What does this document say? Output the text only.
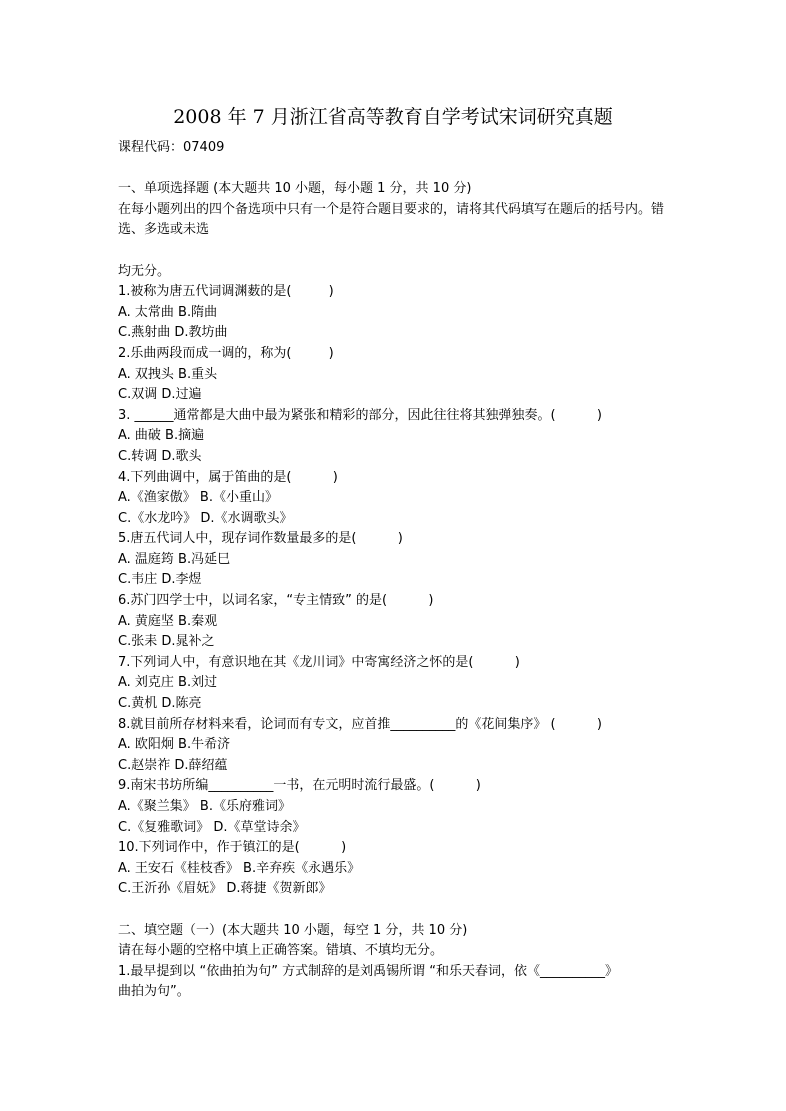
2008 年 7 月浙江省高等教育自学考试宋词研究真题
课程代码：07409
一、单项选择题 (本大题共 10 小题，每小题 1 分，共 10 分)
在每小题列出的四个备选项中只有一个是符合题目要求的，请将其代码填写在题后的括号内。错选、多选或未选
均无分。
1.被称为唐五代词调渊薮的是(         )
A. 太常曲 B.隋曲
C.燕射曲 D.教坊曲
2.乐曲两段而成一调的，称为(         )
A. 双拽头 B.重头
C.双调 D.过遍
3. ______通常都是大曲中最为紧张和精彩的部分，因此往往将其独弹独奏。(          )
A. 曲破 B.摘遍
C.转调 D.歌头
4.下列曲调中，属于笛曲的是(          )
A.《渔家傲》 B.《小重山》
C.《水龙吟》 D.《水调歌头》
5.唐五代词人中，现存词作数量最多的是(          )
A. 温庭筠 B.冯延巳
C.韦庄 D.李煜
6.苏门四学士中，以词名家，“专主情致” 的是(          )
A. 黄庭坚 B.秦观
C.张耒 D.晁补之
7.下列词人中，有意识地在其《龙川词》中寄寓经济之怀的是(          )
A. 刘克庄 B.刘过
C.黄机 D.陈亮
8.就目前所存材料来看，论词而有专文，应首推__________的《花间集序》 (          )
A. 欧阳炯 B.牛希济
C.赵崇祚 D.薛绍蕴
9.南宋书坊所编__________一书，在元明时流行最盛。(          )
A.《聚兰集》 B.《乐府雅词》
C.《复雅歌词》 D.《草堂诗余》
10.下列词作中，作于镇江的是(          )
A. 王安石《桂枝香》 B.辛弃疾《永遇乐》
C.王沂孙《眉妩》 D.蒋捷《贺新郎》
二、填空题（一）(本大题共 10 小题，每空 1 分，共 10 分)
请在每小题的空格中填上正确答案。错填、不填均无分。
1.最早提到以 “依曲拍为句” 方式制辞的是刘禹锡所谓 “和乐天春词，依《__________》
曲拍为句”。
